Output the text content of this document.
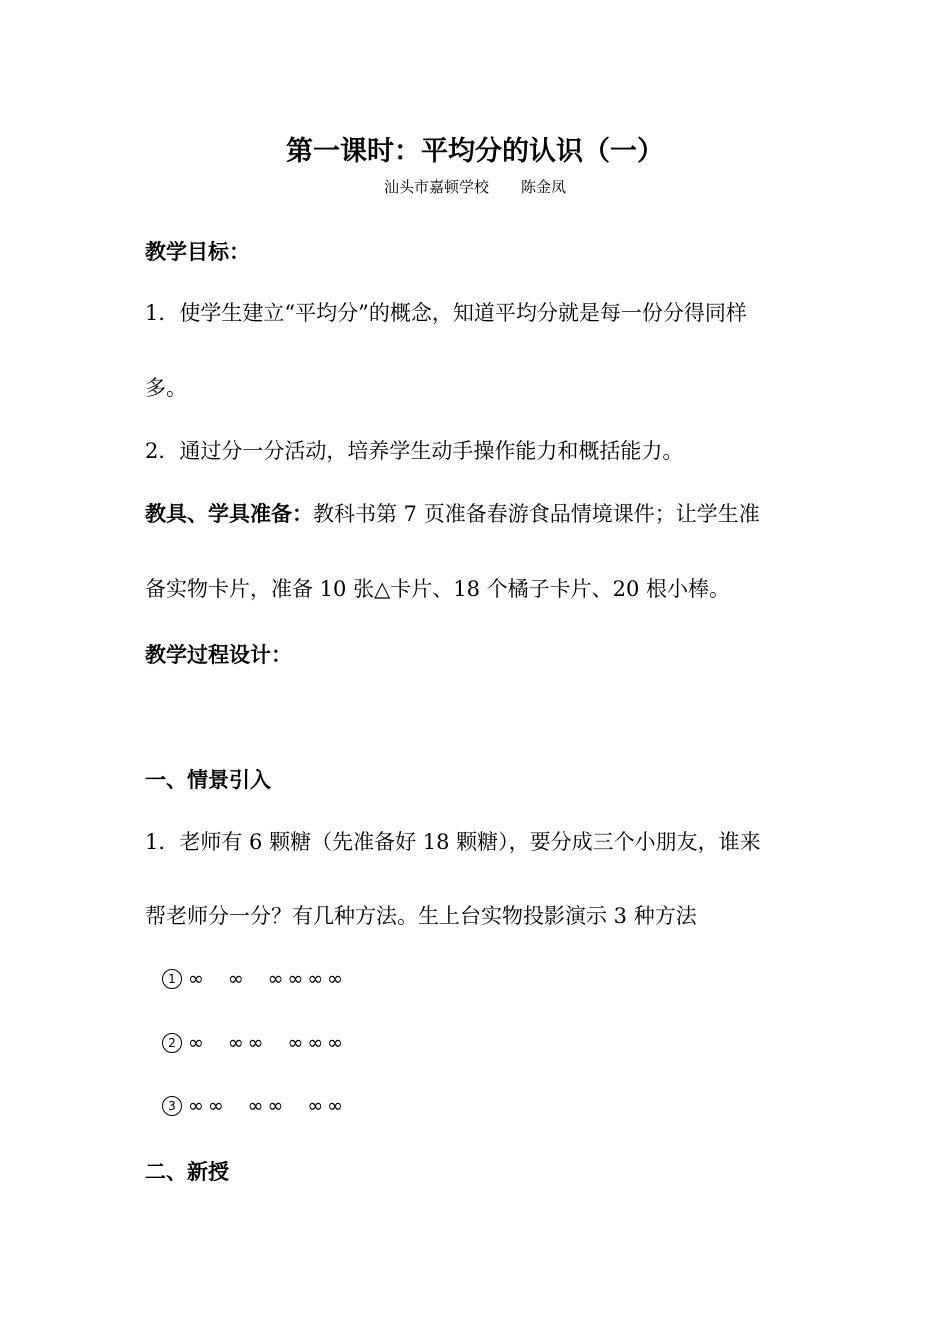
第一课时：平均分的认识（一）
汕头市嘉顿学校 陈金凤
教学目标：
1．使学生建立“平均分”的概念，知道平均分就是每一份分得同样
多。
2．通过分一分活动，培养学生动手操作能力和概括能力。
教具、学具准备：教科书第 7 页准备春游食品情境课件；让学生准
备实物卡片，准备 10 张△卡片、18 个橘子卡片、20 根小棒。
教学过程设计：
一、情景引入
1．老师有 6 颗糖（先准备好 18 颗糖），要分成三个小朋友，谁来
帮老师分一分？有几种方法。生上台实物投影演示 3 种方法
1 ∞ ∞ ∞ ∞ ∞ ∞
2 ∞ ∞ ∞ ∞ ∞ ∞
3 ∞ ∞ ∞ ∞ ∞ ∞
二、新授
